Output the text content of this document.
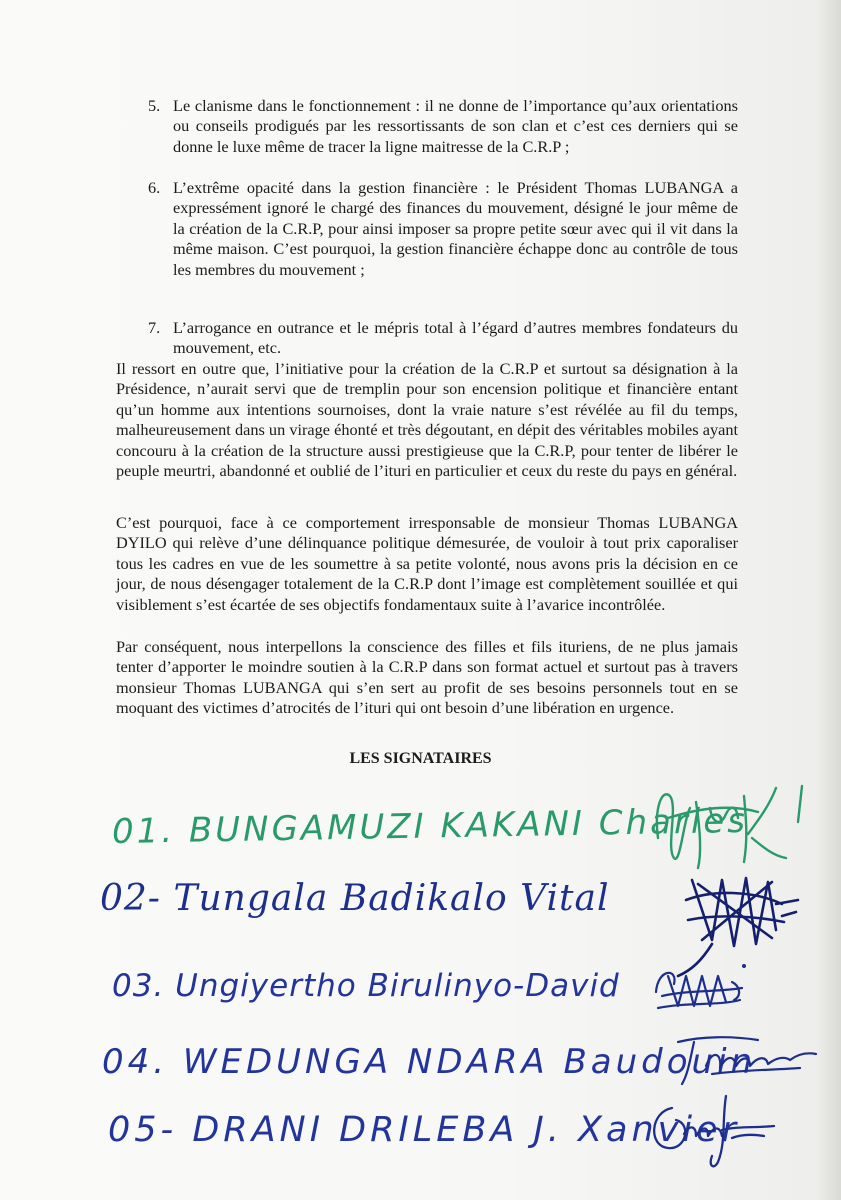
5. Le clanisme dans le fonctionnement : il ne donne de l’importance qu’aux orientations ou conseils prodigués par les ressortissants de son clan et c’est ces derniers qui se donne le luxe même de tracer la ligne maitresse de la C.R.P ;
6. L’extrême opacité dans la gestion financière : le Président Thomas LUBANGA a expressément ignoré le chargé des finances du mouvement, désigné le jour même de la création de la C.R.P, pour ainsi imposer sa propre petite sœur avec qui il vit dans la même maison. C’est pourquoi, la gestion financière échappe donc au contrôle de tous les membres du mouvement ;
7. L’arrogance en outrance et le mépris total à l’égard d’autres membres fondateurs du mouvement, etc.
Il ressort en outre que, l’initiative pour la création de la C.R.P et surtout sa désignation à la Présidence, n’aurait servi que de tremplin pour son encension politique et financière entant qu’un homme aux intentions sournoises, dont la vraie nature s’est révélée au fil du temps, malheureusement dans un virage éhonté et très dégoutant, en dépit des véritables mobiles ayant concouru à la création de la structure aussi prestigieuse que la C.R.P, pour tenter de libérer le peuple meurtri, abandonné et oublié de l’ituri en particulier et ceux du reste du pays en général.
C’est pourquoi, face à ce comportement irresponsable de monsieur Thomas LUBANGA DYILO qui relève d’une délinquance politique démesurée, de vouloir à tout prix caporaliser tous les cadres en vue de les soumettre à sa petite volonté, nous avons pris la décision en ce jour, de nous désengager totalement de la C.R.P dont l’image est complètement souillée et qui visiblement s’est écartée de ses objectifs fondamentaux suite à l’avarice incontrôlée.
Par conséquent, nous interpellons la conscience des filles et fils ituriens, de ne plus jamais tenter d’apporter le moindre soutien à la C.R.P dans son format actuel et surtout pas à travers monsieur Thomas LUBANGA qui s’en sert au profit de ses besoins personnels tout en se moquant des victimes d’atrocités de l’ituri qui ont besoin d’une libération en urgence.
LES SIGNATAIRES
01. BUNGAMUZI KAKANI Charles
02- Tungala Badikalo Vital
03. Ungiyertho Birulinyo-David
04. WEDUNGA NDARA Baudouin
05- DRANI DRILEBA J. Xanvier
